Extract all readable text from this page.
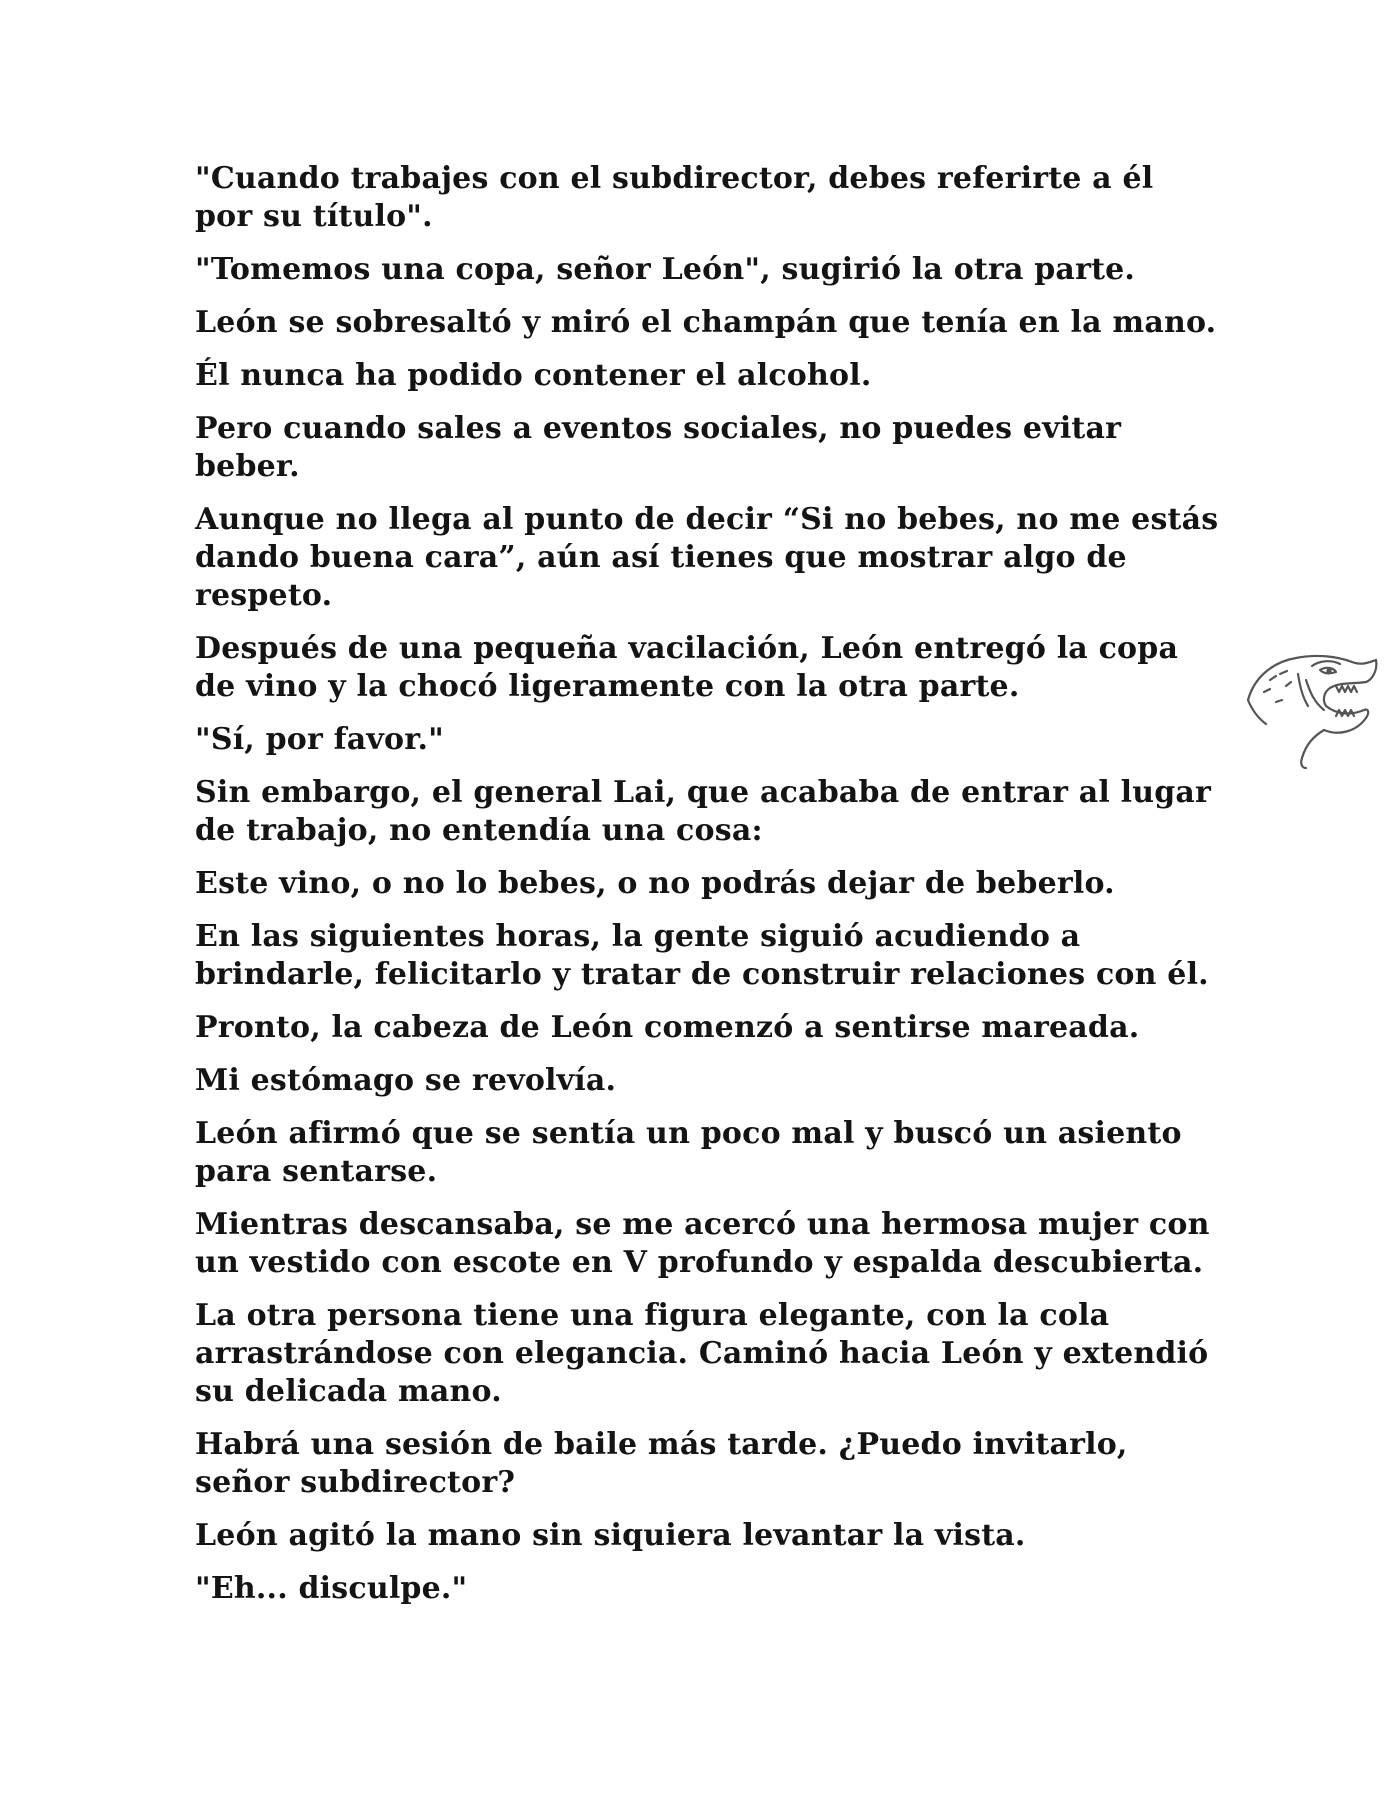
"Cuando trabajes con el subdirector, debes referirte a él por su título".

"Tomemos una copa, señor León", sugirió la otra parte.

León se sobresaltó y miró el champán que tenía en la mano.

Él nunca ha podido contener el alcohol.

Pero cuando sales a eventos sociales, no puedes evitar beber.

Aunque no llega al punto de decir “Si no bebes, no me estás dando buena cara”, aún así tienes que mostrar algo de respeto.

Después de una pequeña vacilación, León entregó la copa de vino y la chocó ligeramente con la otra parte.

"Sí, por favor."

Sin embargo, el general Lai, que acababa de entrar al lugar de trabajo, no entendía una cosa:

Este vino, o no lo bebes, o no podrás dejar de beberlo.

En las siguientes horas, la gente siguió acudiendo a brindarle, felicitarlo y tratar de construir relaciones con él.

Pronto, la cabeza de León comenzó a sentirse mareada.

Mi estómago se revolvía.

León afirmó que se sentía un poco mal y buscó un asiento para sentarse.

Mientras descansaba, se me acercó una hermosa mujer con un vestido con escote en V profundo y espalda descubierta.

La otra persona tiene una figura elegante, con la cola arrastrándose con elegancia. Caminó hacia León y extendió su delicada mano.

Habrá una sesión de baile más tarde. ¿Puedo invitarlo, señor subdirector?

León agitó la mano sin siquiera levantar la vista.

"Eh... disculpe."
